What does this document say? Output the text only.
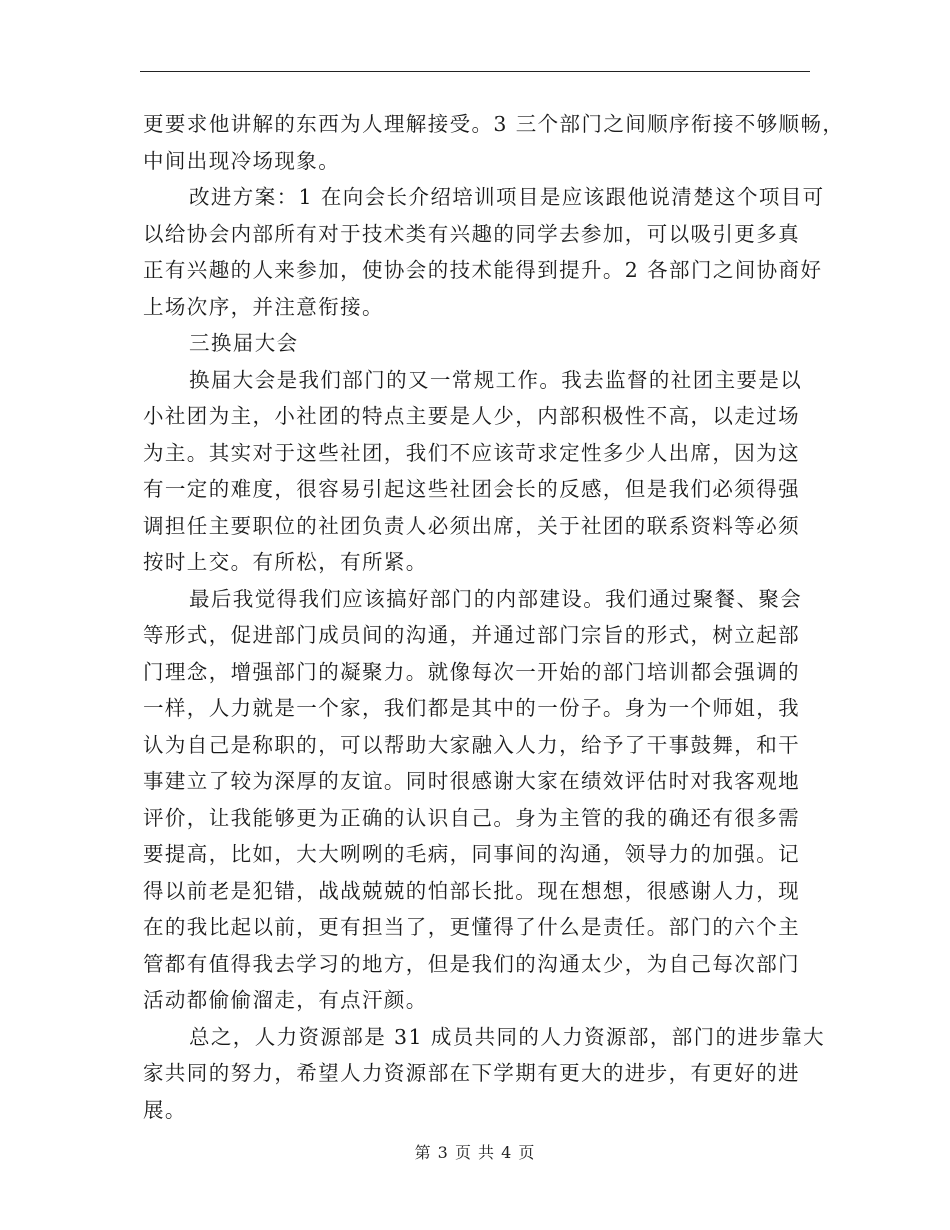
更要求他讲解的东西为人理解接受。3 三个部门之间顺序衔接不够顺畅，
中间出现冷场现象。
改进方案：1 在向会长介绍培训项目是应该跟他说清楚这个项目可
以给协会内部所有对于技术类有兴趣的同学去参加，可以吸引更多真
正有兴趣的人来参加，使协会的技术能得到提升。2 各部门之间协商好
上场次序，并注意衔接。
三换届大会
换届大会是我们部门的又一常规工作。我去监督的社团主要是以
小社团为主，小社团的特点主要是人少，内部积极性不高，以走过场
为主。其实对于这些社团，我们不应该苛求定性多少人出席，因为这
有一定的难度，很容易引起这些社团会长的反感，但是我们必须得强
调担任主要职位的社团负责人必须出席，关于社团的联系资料等必须
按时上交。有所松，有所紧。
最后我觉得我们应该搞好部门的内部建设。我们通过聚餐、聚会
等形式，促进部门成员间的沟通，并通过部门宗旨的形式，树立起部
门理念，增强部门的凝聚力。就像每次一开始的部门培训都会强调的
一样，人力就是一个家，我们都是其中的一份子。身为一个师姐，我
认为自己是称职的，可以帮助大家融入人力，给予了干事鼓舞，和干
事建立了较为深厚的友谊。同时很感谢大家在绩效评估时对我客观地
评价，让我能够更为正确的认识自己。身为主管的我的确还有很多需
要提高，比如，大大咧咧的毛病，同事间的沟通，领导力的加强。记
得以前老是犯错，战战兢兢的怕部长批。现在想想，很感谢人力，现
在的我比起以前，更有担当了，更懂得了什么是责任。部门的六个主
管都有值得我去学习的地方，但是我们的沟通太少，为自己每次部门
活动都偷偷溜走，有点汗颜。
总之，人力资源部是 31 成员共同的人力资源部，部门的进步靠大
家共同的努力，希望人力资源部在下学期有更大的进步，有更好的进
展。
第 3 页 共 4 页
